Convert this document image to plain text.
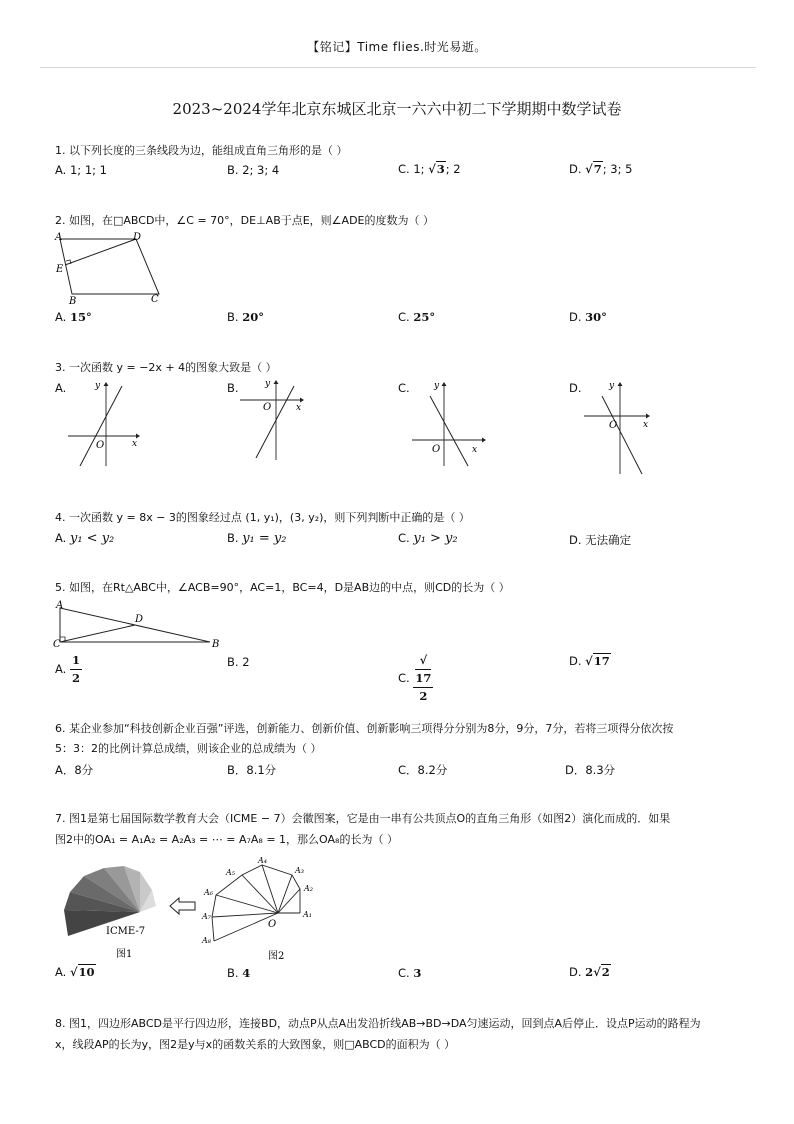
【铭记】Time flies.时光易逝。
2023~2024学年北京东城区北京一六六中初二下学期期中数学试卷
1. 以下列长度的三条线段为边，能组成直角三角形的是（ ）
A. 1; 1; 1	B. 2; 3; 4	C. 1; √3; 2	D. √7; 3; 5
2. 如图，在□ABCD中，∠C = 70°，DE⊥AB于点E，则∠ADE的度数为（ ）
A	D
E
B	C
A. 15°	B. 20°	C. 25°	D. 30°
3. 一次函数 y = −2x + 4的图象大致是（ ）
A.	B.	C.	D.
y
x
O
y
x
O
y
x
O
y
x
O
4. 一次函数 y = 8x − 3的图象经过点 (1, y₁)，(3, y₂)，则下列判断中正确的是（ ）
A. y₁ < y₂	B. y₁ = y₂	C. y₁ > y₂	D. 无法确定
5. 如图，在Rt△ABC中，∠ACB=90°，AC=1，BC=4，D是AB边的中点，则CD的长为（ ）
A
C	B
D
A. $\frac{1}{2}$	B. 2
C. √
17
2	D. √17
6. 某企业参加“科技创新企业百强”评选，创新能力、创新价值、创新影响三项得分分别为8分，9分，7分，若将三项得分依次按
5：3：2的比例计算总成绩，则该企业的总成绩为（ ）
A．8分	B．8.1分	C．8.2分	D．8.3分
7. 图1是第七届国际数学教育大会（ICME − 7）会徽图案，它是由一串有公共顶点O的直角三角形（如图2）演化而成的．如果
图2中的OA₁ = A₁A₂ = A₂A₃ = ⋯ = A₇A₈ = 1，那么OA₈的长为（ ）
ICME-7
图1
O
A₁
A₂
A₃
A₄
A₅
A₆
A₇
A₈
图2
A. √10	B. 4	C. 3	D. 2√2
8. 图1，四边形ABCD是平行四边形，连接BD，动点P从点A出发沿折线AB→BD→DA匀速运动，回到点A后停止．设点P运动的路程为
x，线段AP的长为y，图2是y与x的函数关系的大致图象，则□ABCD的面积为（ ）
